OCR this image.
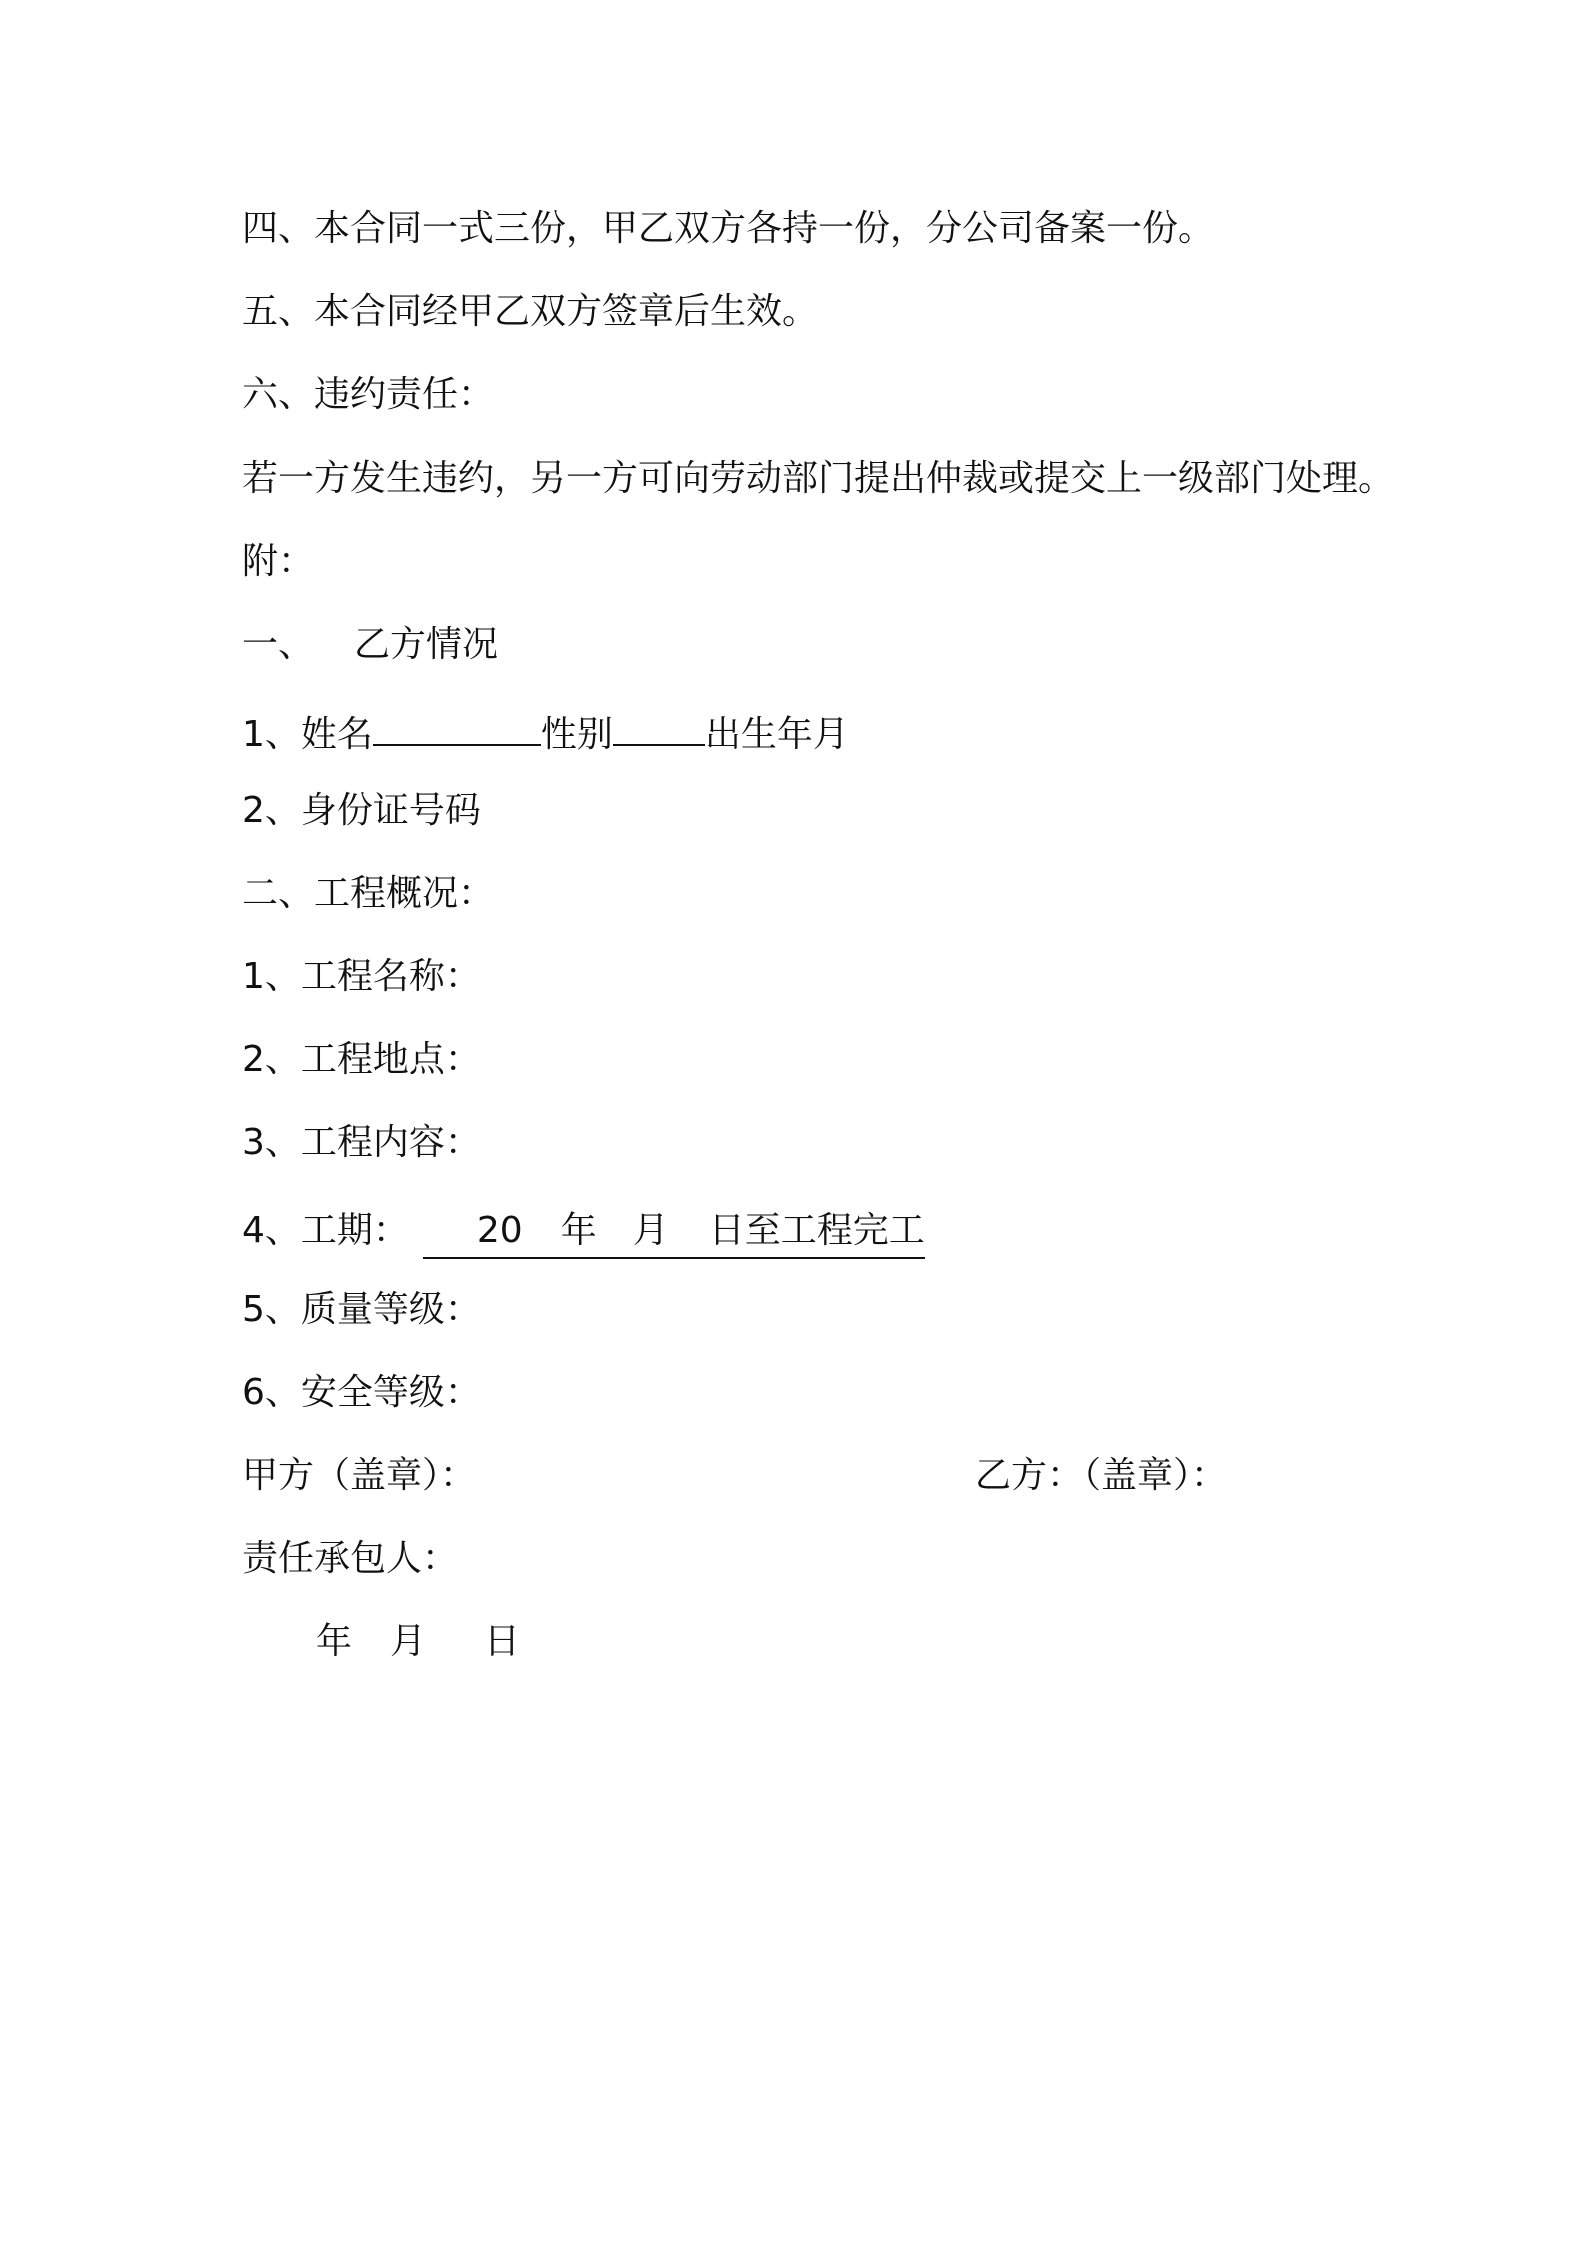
四、本合同一式三份，甲乙双方各持一份，分公司备案一份。
五、本合同经甲乙双方签章后生效。
六、违约责任：
若一方发生违约，另一方可向劳动部门提出仲裁或提交上一级部门处理。
附：
一、 乙方情况
1、姓名	性别	出生年月
2、身份证号码
二、工程概况：
1、工程名称：
2、工程地点：
3、工程内容：
4、工期： 20 年 月 日至工程完工
5、质量等级：
6、安全等级：
甲方（盖章）：	乙方：（盖章）：
责任承包人：
年 月 日
